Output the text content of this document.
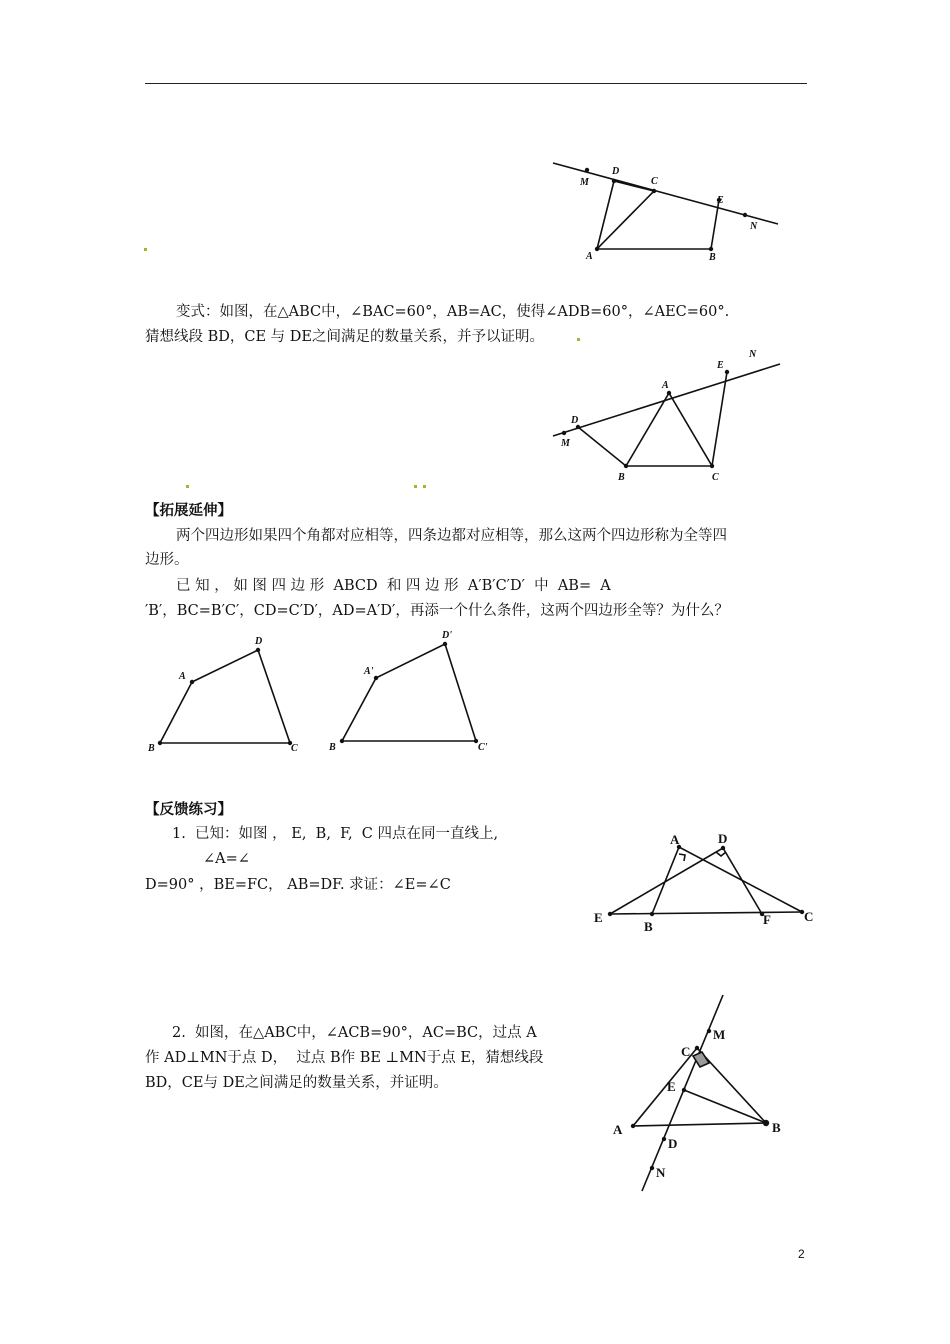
M
D
C
E
N
A	B
变式：如图，在△ABC中，∠BAC=60°，AB=AC，使得∠ADB=60°，∠AEC=60°.
猜想线段 BD，CE 与 DE之间满足的数量关系，并予以证明。
D
M
A
E
N
B	C
【拓展延伸】
两个四边形如果四个角都对应相等，四条边都对应相等，那么这两个四边形称为全等四
边形。
已 知 ， 如 图 四 边 形  ABCD  和 四 边 形  A′B′C′D′  中  AB=  A
′B′，BC=B′C′，CD=C′D′，AD=A′D′，再添一个什么条件，这两个四边形全等？为什么？
A
D
C
B
A'
D'
C'
B
【反馈练习】
1.  已知：如图 ， E,  B,  F,  C 四点在同一直线上,
∠A=∠
D=90° ，BE=FC， AB=DF. 求证：∠E=∠C
A	D
E
B	F	C
2.  如图，在△ABC中，∠ACB=90°，AC=BC，过点 A
作 AD⊥MN于点 D，  过点 B作 BE ⊥MN于点 E，猜想线段
BD，CE与 DE之间满足的数量关系，并证明。
M
C
E
A
D
B
N
2
